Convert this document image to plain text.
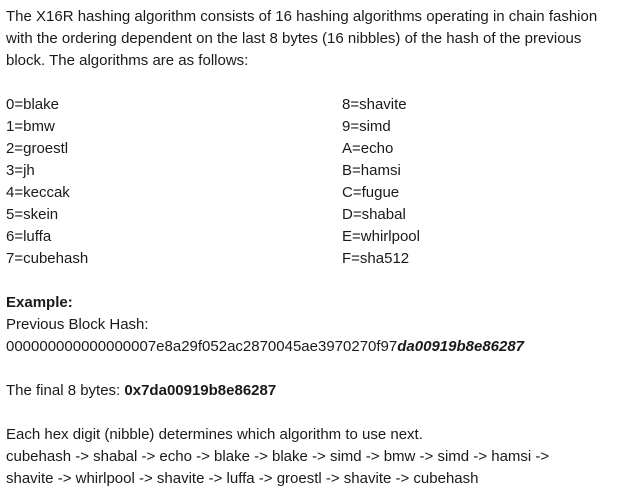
The X16R hashing algorithm consists of 16 hashing algorithms operating in chain fashion with the ordering dependent on the last 8 bytes (16 nibbles) of the hash of the previous block. The algorithms are as follows:

0=blake
1=bmw
2=groestl
3=jh
4=keccak
5=skein
6=luffa
7=cubehash
8=shavite
9=simd
A=echo
B=hamsi
C=fugue
D=shabal
E=whirlpool
F=sha512
Example:
Previous Block Hash:
000000000000000007e8a29f052ac2870045ae3970270f97da00919b8e86287
The final 8 bytes: 0x7da00919b8e86287
Each hex digit (nibble) determines which algorithm to use next.
cubehash -> shabal -> echo -> blake -> blake -> simd -> bmw -> simd -> hamsi ->
shavite -> whirlpool -> shavite -> luffa -> groestl -> shavite -> cubehash
